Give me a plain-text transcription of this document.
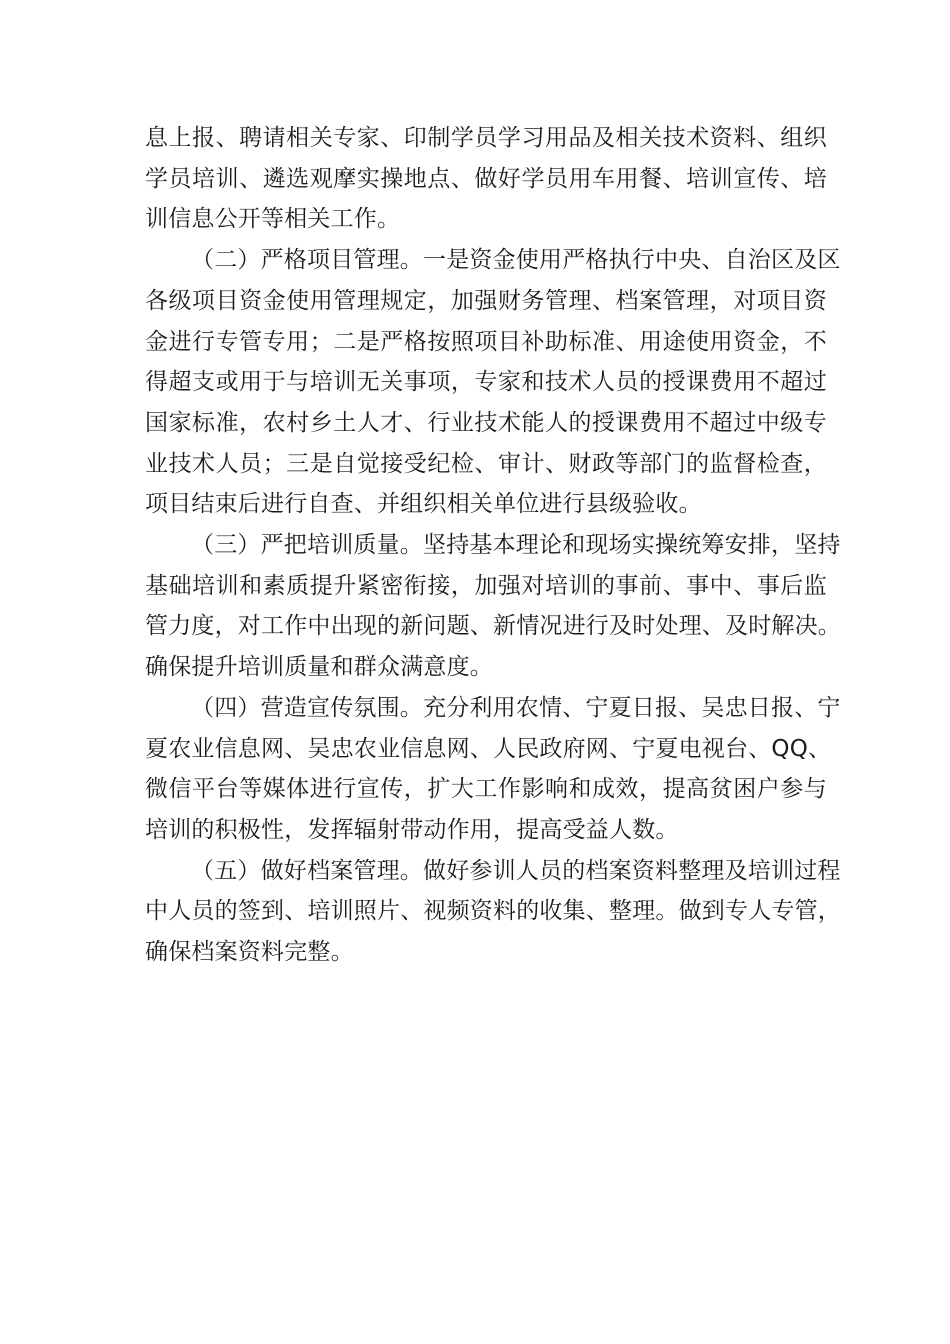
息上报、聘请相关专家、印制学员学习用品及相关技术资料、组织
学员培训、遴选观摩实操地点、做好学员用车用餐、培训宣传、培
训信息公开等相关工作。
（二）严格项目管理。一是资金使用严格执行中央、自治区及区
各级项目资金使用管理规定，加强财务管理、档案管理，对项目资
金进行专管专用；二是严格按照项目补助标准、用途使用资金，不
得超支或用于与培训无关事项，专家和技术人员的授课费用不超过
国家标准，农村乡土人才、行业技术能人的授课费用不超过中级专
业技术人员；三是自觉接受纪检、审计、财政等部门的监督检查，
项目结束后进行自查、并组织相关单位进行县级验收。
（三）严把培训质量。坚持基本理论和现场实操统筹安排，坚持
基础培训和素质提升紧密衔接，加强对培训的事前、事中、事后监
管力度，对工作中出现的新问题、新情况进行及时处理、及时解决。
确保提升培训质量和群众满意度。
（四）营造宣传氛围。充分利用农情、宁夏日报、吴忠日报、宁
夏农业信息网、吴忠农业信息网、人民政府网、宁夏电视台、QQ、
微信平台等媒体进行宣传，扩大工作影响和成效，提高贫困户参与
培训的积极性，发挥辐射带动作用，提高受益人数。
（五）做好档案管理。做好参训人员的档案资料整理及培训过程
中人员的签到、培训照片、视频资料的收集、整理。做到专人专管，
确保档案资料完整。
